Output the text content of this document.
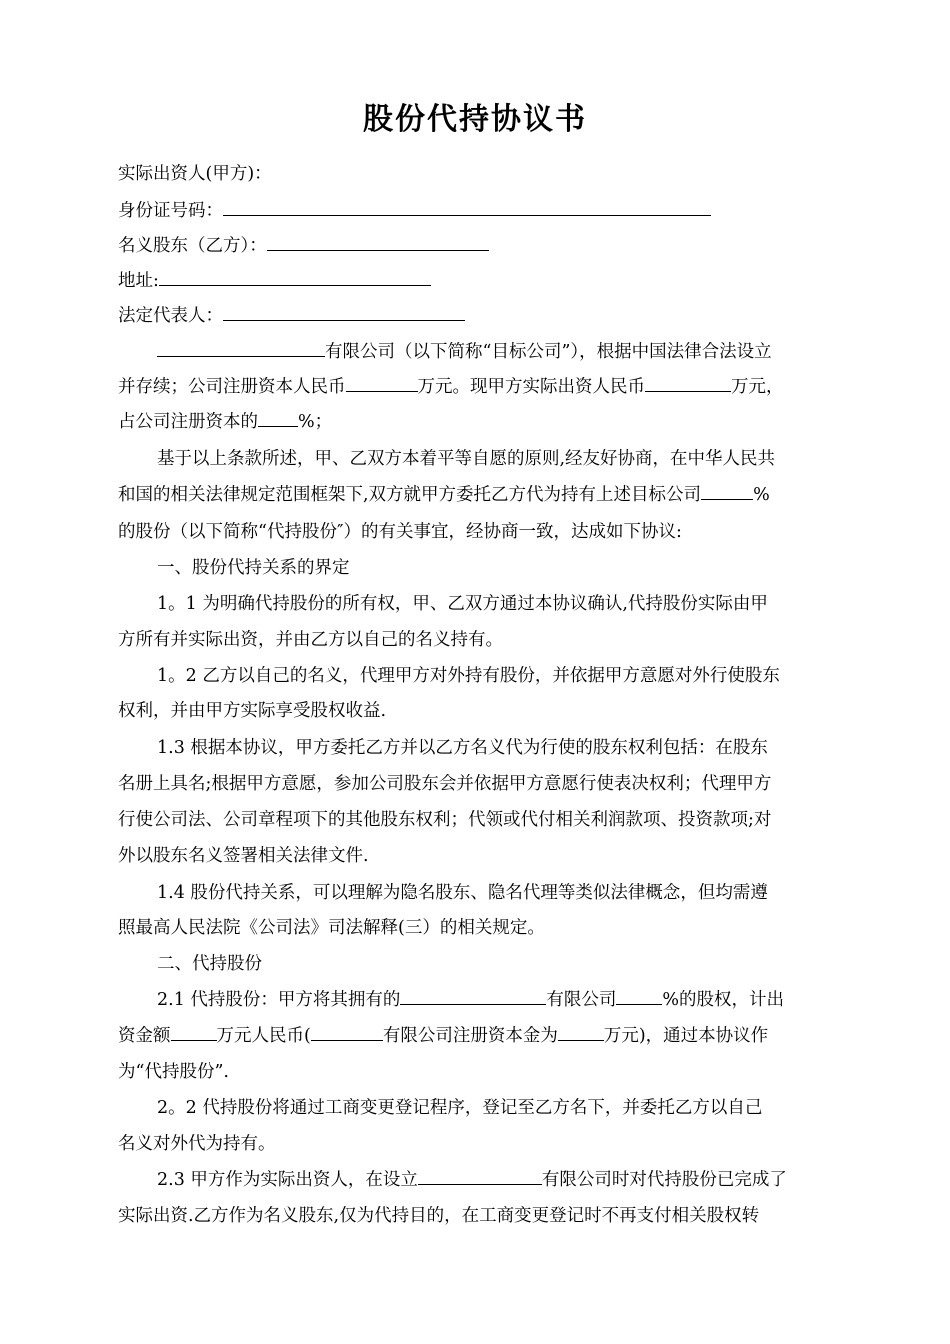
股份代持协议书
实际出资人(甲方)：
身份证号码：
名义股东（乙方）：
地址:
法定代表人：
有限公司（以下简称“目标公司”），根据中国法律合法设立
并存续；公司注册资本人民币	万元。现甲方实际出资人民币	万元，
占公司注册资本的 %；
基于以上条款所述，甲、乙双方本着平等自愿的原则,经友好协商，在中华人民共
和国的相关法律规定范围框架下,双方就甲方委托乙方代为持有上述目标公司	%
的股份（以下简称“代持股份″）的有关事宜，经协商一致，达成如下协议:
一、股份代持关系的界定
1。1 为明确代持股份的所有权，甲、乙双方通过本协议确认,代持股份实际由甲
方所有并实际出资，并由乙方以自己的名义持有。
1。2 乙方以自己的名义，代理甲方对外持有股份，并依据甲方意愿对外行使股东
权利，并由甲方实际享受股权收益.
1.3 根据本协议，甲方委托乙方并以乙方名义代为行使的股东权利包括：在股东
名册上具名;根据甲方意愿，参加公司股东会并依据甲方意愿行使表决权利；代理甲方
行使公司法、公司章程项下的其他股东权利；代领或代付相关利润款项、投资款项;对
外以股东名义签署相关法律文件.
1.4 股份代持关系，可以理解为隐名股东、隐名代理等类似法律概念，但均需遵
照最高人民法院《公司法》司法解释(三）的相关规定。
二、代持股份
2.1 代持股份：甲方将其拥有的	有限公司	%的股权，计出
资金额	万元人民币(	有限公司注册资本金为	万元)，通过本协议作
为“代持股份”.
2。2 代持股份将通过工商变更登记程序，登记至乙方名下，并委托乙方以自己
名义对外代为持有。
2.3 甲方作为实际出资人，在设立	有限公司时对代持股份已完成了
实际出资.乙方作为名义股东,仅为代持目的，在工商变更登记时不再支付相关股权转
